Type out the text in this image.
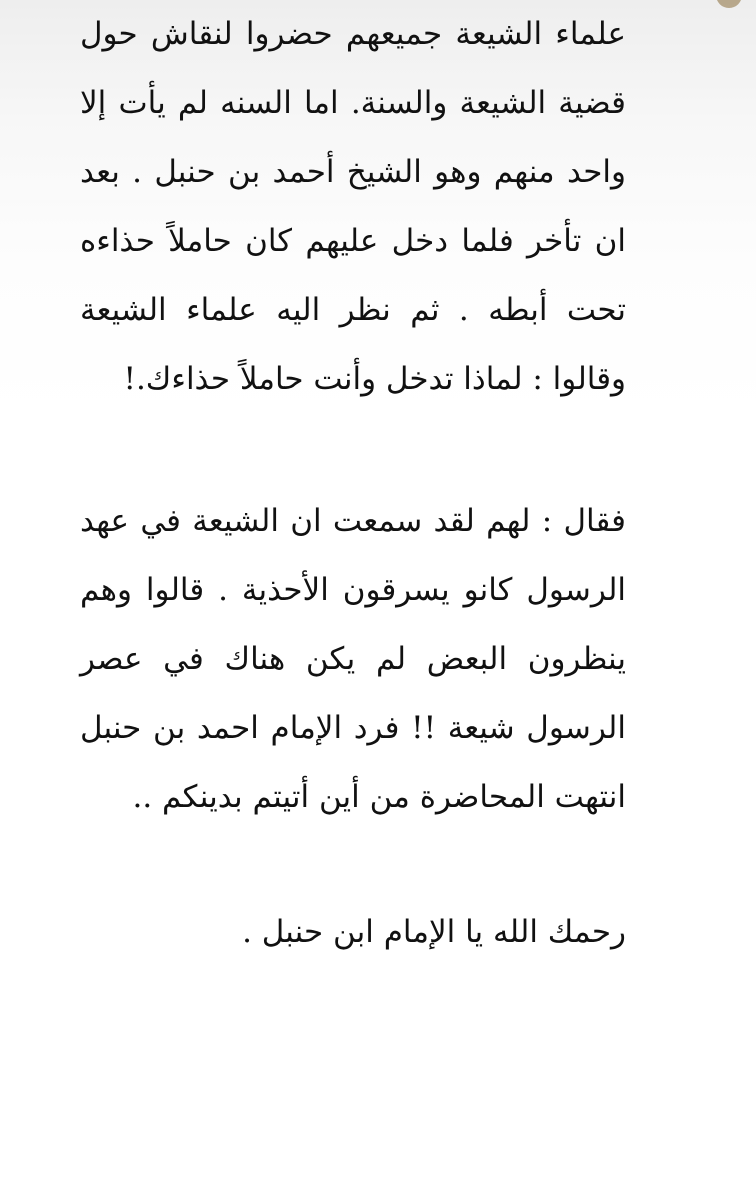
علماء الشيعة جميعهم حضروا لنقاش حول

قضية الشيعة والسنة. اما السنه لم يأت إلا

واحد منهم وهو الشيخ أحمد بن حنبل . بعد

ان تأخر فلما دخل عليهم كان حاملاً حذاءه

تحت أبطه . ثم نظر اليه علماء الشيعة

وقالوا : لماذا تدخل وأنت حاملاً حذاءك.!

فقال : لهم لقد سمعت ان الشيعة في عهد

الرسول كانو يسرقون الأحذية . قالوا وهم

ينظرون البعض لم يكن هناك في عصر

الرسول شيعة !! فرد الإمام احمد بن حنبل

انتهت المحاضرة من أين أتيتم بدينكم ..

رحمك الله يا الإمام ابن حنبل .
